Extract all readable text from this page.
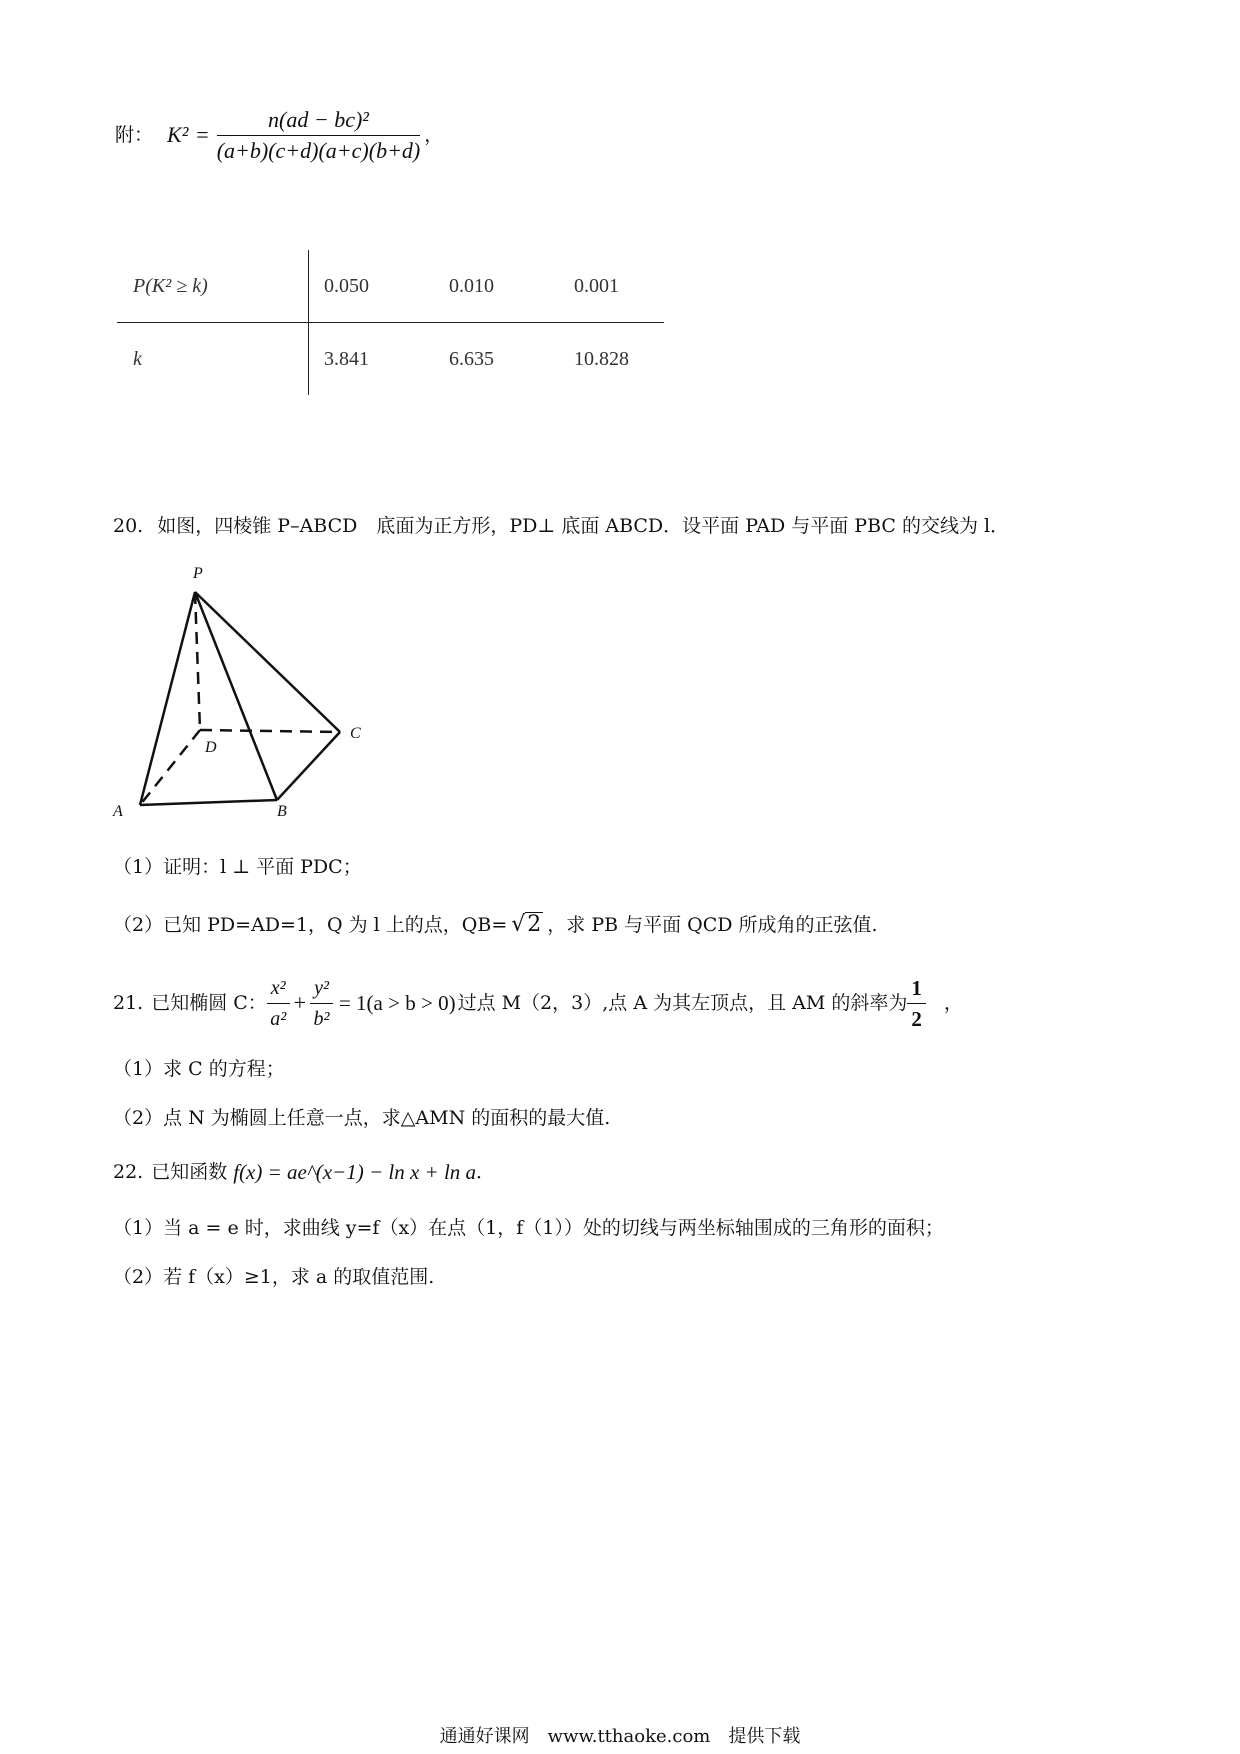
附： $K^2 = \frac{\text{n(ad − bc)²}}{(a+b)(c+d)(a+c)(b+d)}$ ，
P(K² ≥ k)	0.050	0.010	0.001
k	3.841	6.635	10.828
20. 如图，四棱锥 P–ABCD　底面为正方形，PD⊥ 底面 ABCD．设平面 PAD 与平面 PBC 的交线为 l．
P
D
C
A	B
（1）证明：l ⊥ 平面 PDC；
（2）已知 PD=AD=1，Q 为 l 上的点，QB= √ 2 ，求 PB 与平面 QCD 所成角的正弦值.
21. 已知椭圆 C： $\frac{\text{x²}}{\text{a²}} + \frac{\text{y²}}{\text{b²}} = 1(a > b > 0)$ 过点 M（2，3）,点 A 为其左顶点，且 AM 的斜率为 $\frac{1}{2}$ ，
（1）求 C 的方程；
（2）点 N 为椭圆上任意一点，求△AMN 的面积的最大值.
22. 已知函数 f(x) = ae^(x−1) − ln x + ln a ．
（1）当 a = e 时，求曲线 y=f（x）在点（1，f（1））处的切线与两坐标轴围成的三角形的面积；
（2）若 f（x）≥1，求 a 的取值范围.
通通好课网　www.tthaoke.com　提供下载
